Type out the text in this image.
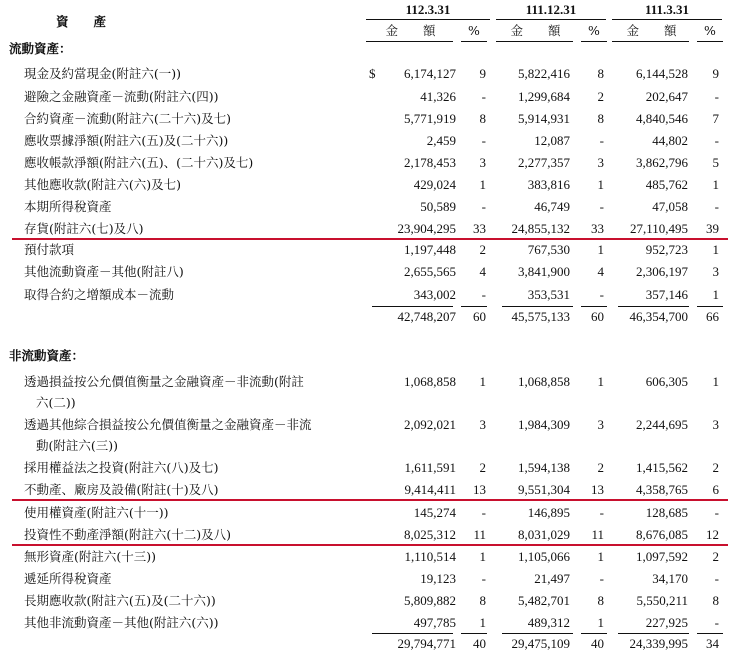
資　　產
112.3.31
金　　額	%
111.12.31
金　　額	%
111.3.31
金　　額	%
流動資產：
現金及約當現金(附註六(一))	$	6,174,127	9	5,822,416	8	6,144,528	9
避險之金融資產－流動(附註六(四))	41,326	-	1,299,684	2	202,647	-
合約資產－流動(附註六(二十六)及七)	5,771,919	8	5,914,931	8	4,840,546	7
應收票據淨額(附註六(五)及(二十六))	2,459	-	12,087	-	44,802	-
應收帳款淨額(附註六(五)、(二十六)及七)	2,178,453	3	2,277,357	3	3,862,796	5
其他應收款(附註六(六)及七)	429,024	1	383,816	1	485,762	1
本期所得稅資產	50,589	-	46,749	-	47,058	-
存貨(附註六(七)及八)	23,904,295	33	24,855,132	33	27,110,495	39
預付款項	1,197,448	2	767,530	1	952,723	1
其他流動資產－其他(附註八)	2,655,565	4	3,841,900	4	2,306,197	3
取得合約之增額成本－流動	343,002	-	353,531	-	357,146	1
42,748,207	60	45,575,133	60	46,354,700	66
非流動資產：
透過損益按公允價值衡量之金融資產－非流動(附註
六(二))
1,068,858	1	1,068,858	1	606,305	1
透過其他綜合損益按公允價值衡量之金融資產－非流
動(附註六(三))
2,092,021	3	1,984,309	3	2,244,695	3
採用權益法之投資(附註六(八)及七)	1,611,591	2	1,594,138	2	1,415,562	2
不動產、廠房及設備(附註(十)及八)	9,414,411	13	9,551,304	13	4,358,765	6
使用權資產(附註六(十一))	145,274	-	146,895	-	128,685	-
投資性不動產淨額(附註六(十二)及八)	8,025,312	11	8,031,029	11	8,676,085	12
無形資產(附註六(十三))	1,110,514	1	1,105,066	1	1,097,592	2
遞延所得稅資產	19,123	-	21,497	-	34,170	-
長期應收款(附註六(五)及(二十六))	5,809,882	8	5,482,701	8	5,550,211	8
其他非流動資產－其他(附註六(六))	497,785	1	489,312	1	227,925	-
29,794,771	40	29,475,109	40	24,339,995	34
